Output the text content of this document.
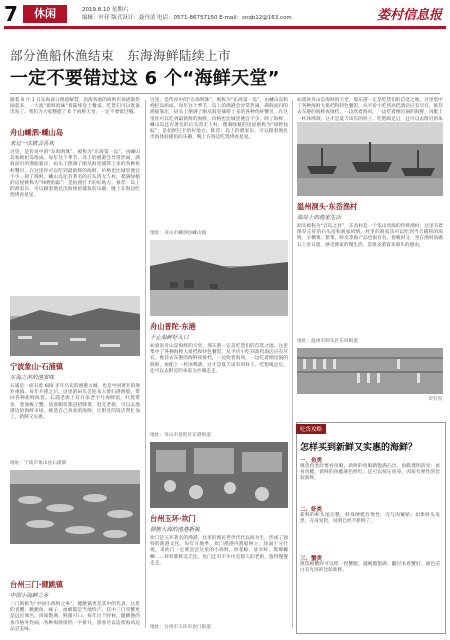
7	休闲	2019.8.10 星期六
编辑：叶佳 版式设计：聂丹凌 电话：0571-86757150 E-mail：snqb12@163.com	娄村信息报
部分渔船休渔结束　东海海鲜陆续上市
一定不要错过这 6 个“海鲜天堂”
随着 8 月 1 日东海部分渔船解禁，沿海各地的海鲜市场逐渐热闹起来，一大波“新鲜海味”将陆续登上餐桌。吃货们可以准备出发了。我们为大家整理了 6 个海鲜天堂，一定不要错过哦。
舟山嵊泗·嵊山岛
来过一次就会喜欢
这里，是传说中的“东海明珠”，被称为“东海第一岛”，由嵊山岛和枸杞岛组成。每年这个季节，岛上的渔港会异常热闹，满载而归的渔船靠岸，码头上摆满了刚从海里捕捞上来的各种鱼虾蟹贝。在这里你可以吃到最新鲜的海鲜，价格也比城里便宜不少。除了海鲜，嵊山岛还有著名的后头湾无人村，爬满绿植的房屋被称为“绿野仙踪”，是拍照打卡的好地方。推荐：岛上的渔家乐，可以跟着渔民出海体验捕鱼的乐趣，晚上在海边吃烧烤看星星。
宁波象山·石浦镇
东海之滨的渔家味
石浦是一座有着 600 多年历史的渔港古城，也是中国著名的渔业重镇。每年开渔之后，这里的码头会迎来大批归港渔船，带回各种新鲜海货。石浦老街上有许多老字号海鲜馆，红烧带鱼、葱油梭子蟹、清蒸鲳鱼都是招牌菜。逛完老街，可以去渔港边的海鲜市场，挑选自己喜欢的海鲜，让附近的饭店帮忙加工，新鲜又实惠。
地址：宁波市象山县石浦镇
台州三门·健跳镇
中国小海鲜之乡
三门被称为“中国小海鲜之乡”，健跳镇更是其中的代表。这里的青蟹、跳跳鱼、蛏子、血蚶都是当地特产，其中三门青蟹更是远近闻名，肉质饱满、鲜甜可口。每年这个时候，健跳港的夜市格外热闹，各种海鲜排档一字排开，游客可以边吹海风边品尝美味。
这里，是传说中的“东海明珠”，被称为“东海第一岛”，由嵊山岛和枸杞岛组成。每年这个季节，岛上的渔港会异常热闹，满载而归的渔船靠岸，码头上摆满了刚从海里捕捞上来的各种鱼虾蟹贝。在这里你可以吃到最新鲜的海鲜，价格也比城里便宜不少。除了海鲜，嵊山岛还有著名的后头湾无人村，爬满绿植的房屋被称为“绿野仙踪”，是拍照打卡的好地方。推荐：岛上的渔家乐，可以跟着渔民出海体验捕鱼的乐趣，晚上在海边吃烧烤看星星。
地址：舟山市嵊泗县嵊山镇
舟山普陀·东港
不止海鲜好入口
如果说舟山是海鲜的天堂，那东港一定是吃货们的首选之地。这里集中了各种海鲜大排档和特色餐馆，从平价小吃到高档酒店应有尽有。推荐去东港的海鲜夜排档，一边吹着海风，一边吃着刚出锅的海鲜，再配上一杯冰啤酒，这才是夏天该有的样子。吃饱喝足后，还可以去附近的朱家尖沙滩走走。
地址：舟山市普陀区东港街道
台州玉环·坎门
拥抱大海的渔港新貌
坎门是玉环著名的渔港，这里的渔民世世代代以海为生，形成了独特的渔港文化。每年开渔季，坎门渔港内渔船林立，场面十分壮观。来坎门一定要尝尝这里的小海鲜，炒花蛤、盐水虾、酱爆螺蛳……样样都鲜美无比。坎门还有不少历史悠久的老街，值得慢慢走走。
地址：台州市玉环市坎门街道
如果说舟山是海鲜的天堂，那东港一定是吃货们的首选之地。这里集中了各种海鲜大排档和特色餐馆，从平价小吃到高档酒店应有尽有。推荐去东港的海鲜夜排档，一边吹着海风，一边吃着刚出锅的海鲜，再配上一杯冰啤酒，这才是夏天该有的样子。吃饱喝足后，还可以去附近的朱
温州洞头·东岙渔村
海岛上的渔家生活
洞头被称为“百岛之县”，东岙村是一个依山傍海的传统渔村，这里有着保存完好的石头房和渔家风情。村里的渔家乐可以吃到当天捕捞的海鲜，羊栖菜、紫菜、虾皮等海产品也很有名。傍晚时分，坐在渔村的礁石上看日落，感受渔家的慢生活，是很多游客来洞头的理由。
地址：温州市洞头区东屏街道
资料图
吃货攻略
怎样买到新鲜又实惠的海鲜？
一、鱼类
挑选鱼类时要看鱼眼，新鲜的鱼眼睛饱满凸出，角膜透明清亮；再看鱼鳃，新鲜的鱼鳃颜色鲜红；还可以按压鱼身，肉质有弹性的比较新鲜。
二、虾类
新鲜的虾头尾完整，虾身硬挺有弹性，壳与肉紧贴；如果虾头发黑、壳身发软，说明已经不新鲜了。
三、蟹类
挑选螃蟹时可以捏一捏蟹腿，越硬越饱满；翻过来看蟹肚，颜色洁白有光泽的比较新鲜。
